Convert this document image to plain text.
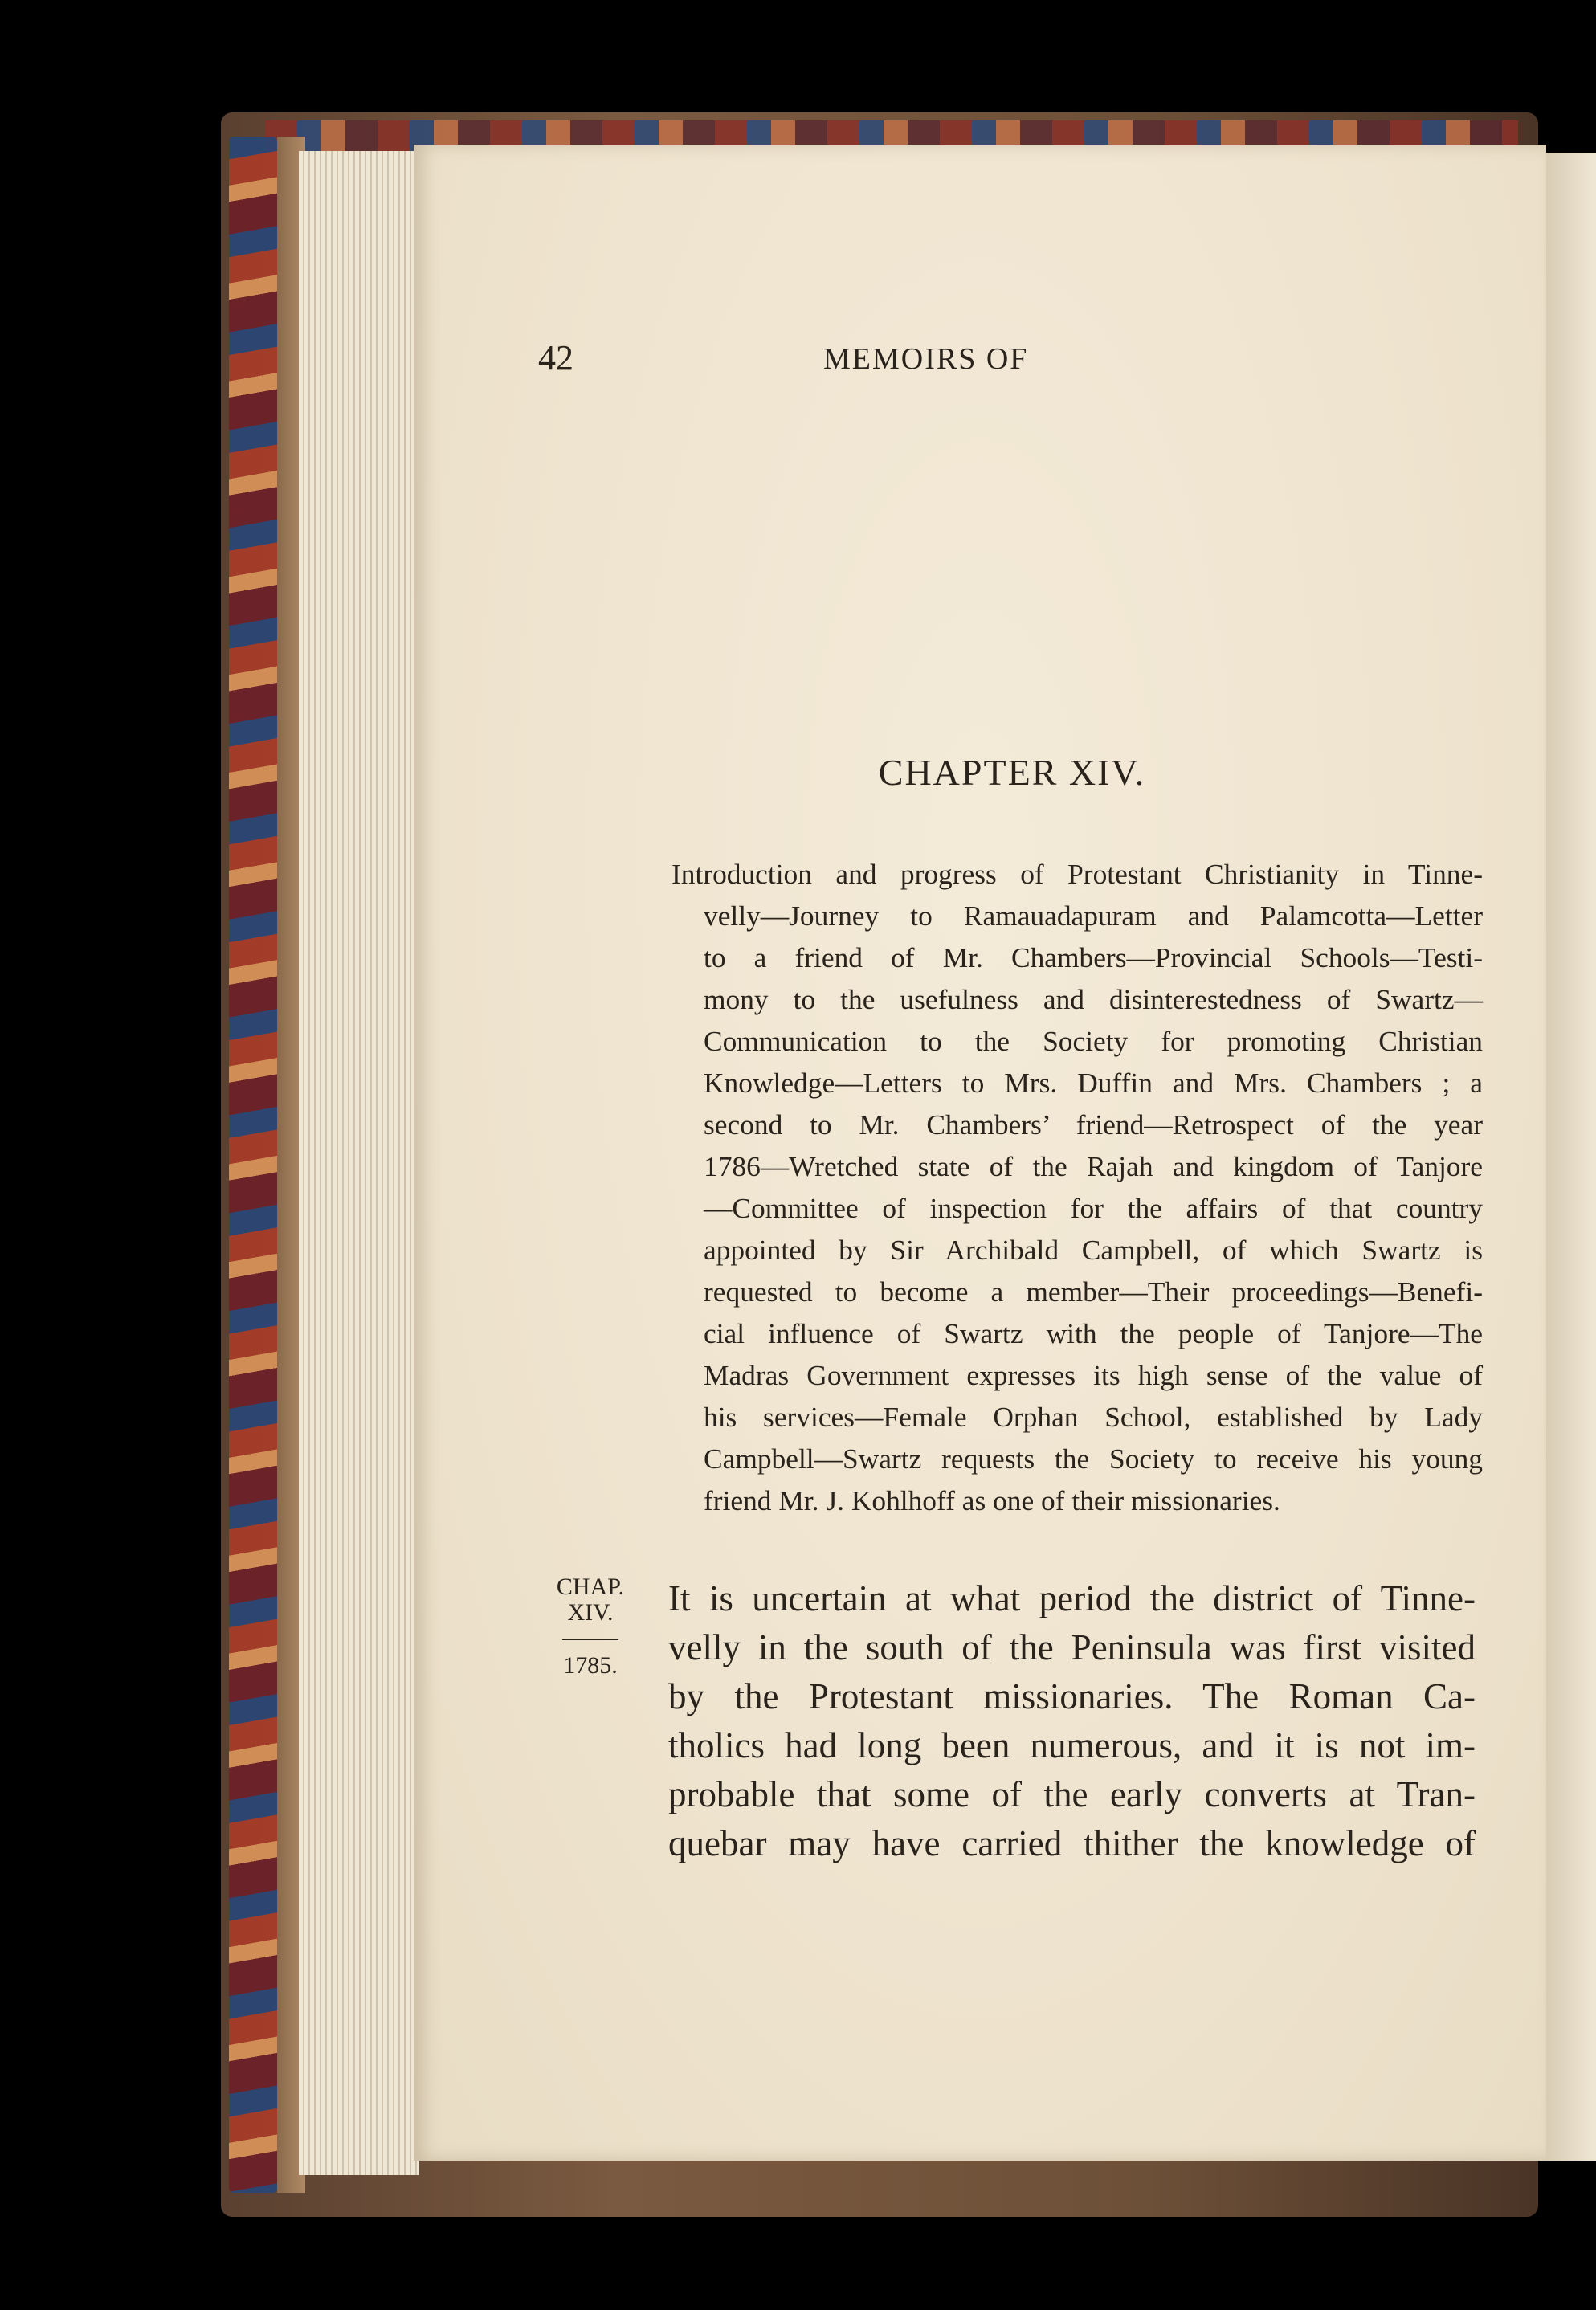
42	MEMOIRS OF
CHAPTER XIV.
Introduction and progress of Protestant Christianity in Tinne-
velly—Journey to Ramauadapuram and Palamcotta—Letter
to a friend of Mr. Chambers—Provincial Schools—Testi-
mony to the usefulness and disinterestedness of Swartz—
Communication to the Society for promoting Christian
Knowledge—Letters to Mrs. Duffin and Mrs. Chambers ; a
second to Mr. Chambers’ friend—Retrospect of the year
1786—Wretched state of the Rajah and kingdom of Tanjore
—Committee of inspection for the affairs of that country
appointed by Sir Archibald Campbell, of which Swartz is
requested to become a member—Their proceedings—Benefi-
cial influence of Swartz with the people of Tanjore—The
Madras Government expresses its high sense of the value of
his services—Female Orphan School, established by Lady
Campbell—Swartz requests the Society to receive his young
friend Mr. J. Kohlhoff as one of their missionaries.
CHAP.
XIV.
1785.
It is uncertain at what period the district of Tinne-
velly in the south of the Peninsula was first visited
by the Protestant missionaries. The Roman Ca-
tholics had long been numerous, and it is not im-
probable that some of the early converts at Tran-
quebar may have carried thither the knowledge of
